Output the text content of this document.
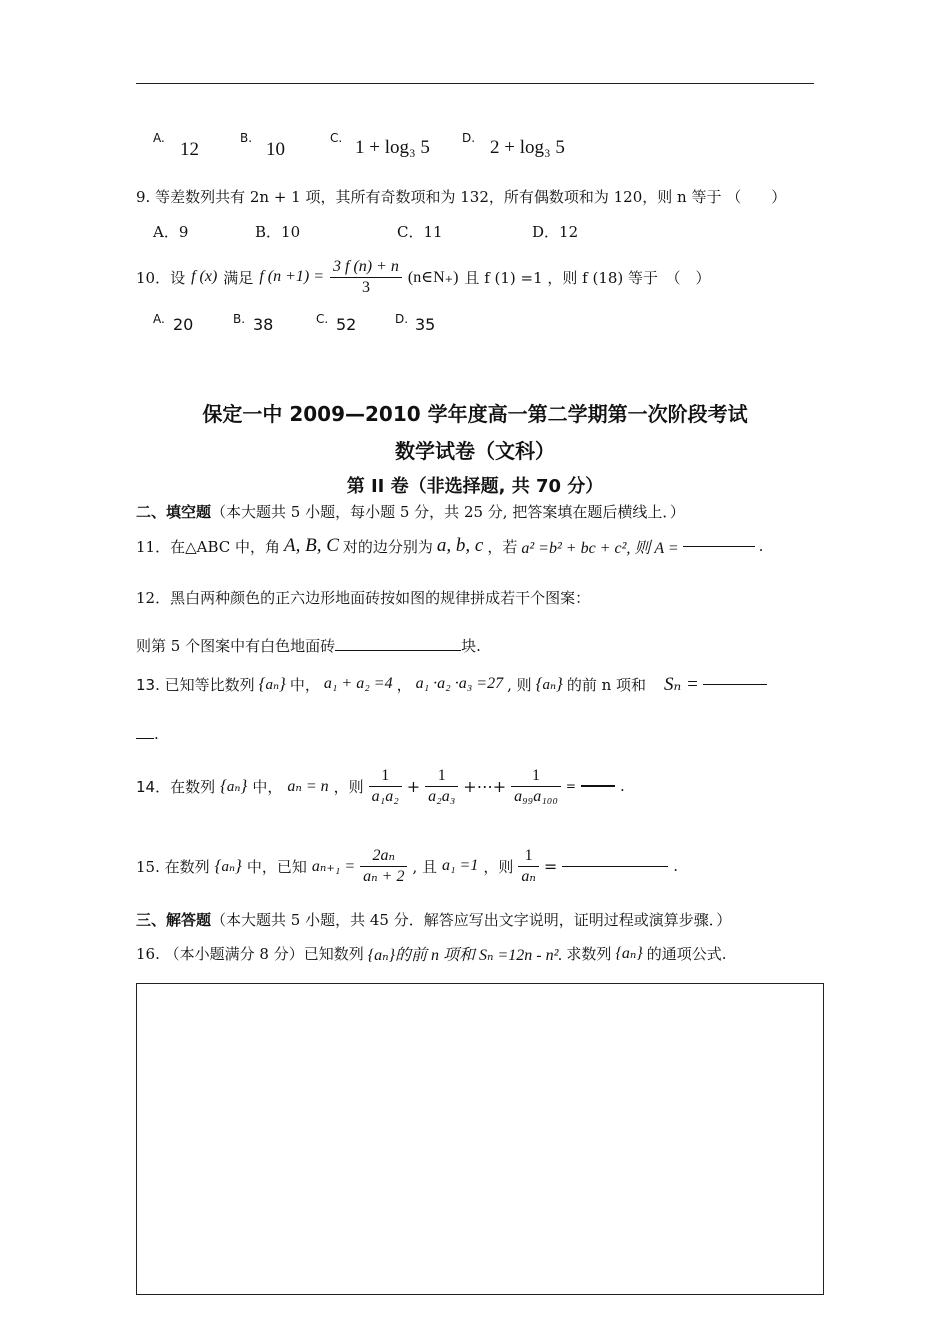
A.
12
B.
10
C. 1 + log₃ 5	D. 2 + log₃ 5
9. 等差数列共有 2n + 1 项，其所有奇数项和为 132，所有偶数项和为 120，则 n 等于 （　　）
A．9	B．10	C．11	D．12
10．设 f (x) 满足 f $(n +1) = \frac{3 f (n) + n}{3}$ (n∈N₊) 且 f (1) =1 ，则 f (18) 等于　（　）
A. 20	B. 38	C. 52	D. 35
保定一中 2009—2010 学年度高一第二学期第一次阶段考试
数学试卷（文科）
第 II 卷（非选择题, 共 70 分）
二、填空题（本大题共 5 小题，每小题 5 分，共 25 分, 把答案填在题后横线上．）
11．在△ABC 中，角 A, B, C 对的边分别为 a, b, c ，若 a² =b² + bc + c², 则 A =	.
12．黑白两种颜色的正六边形地面砖按如图的规律拼成若干个图案：
则第 5 个图案中有白色地面砖	块.
13. 已知等比数列 {aₙ} 中， a₁ + a₂ =4 ， a₁ ·a₂ ·a₃ =27 , 则 {aₙ} 的前 n 项和 Sₙ =
.
14．在数列 {aₙ} 中， aₙ = n ，则 $\frac{1}{\text{a₁a₂}} + \frac{1}{\text{a₂a₃}}$ +⋯+ $\frac{1}{\text{a₉₉a₁₀₀}}$ =	.
15. 在数列 {aₙ} 中，已知 $a_{n+1} = \frac{\text{2aₙ}}{\text{aₙ + 2}}$ , 且 a₁ =1 ，则 $\frac{1}{\text{aₙ}}$ =	.
三、解答题（本大题共 5 小题，共 45 分．解答应写出文字说明，证明过程或演算步骤．）
16. （本小题满分 8 分）已知数列 {aₙ}的前 n 项和 Sₙ =12n - n². 求数列 {aₙ} 的通项公式.
